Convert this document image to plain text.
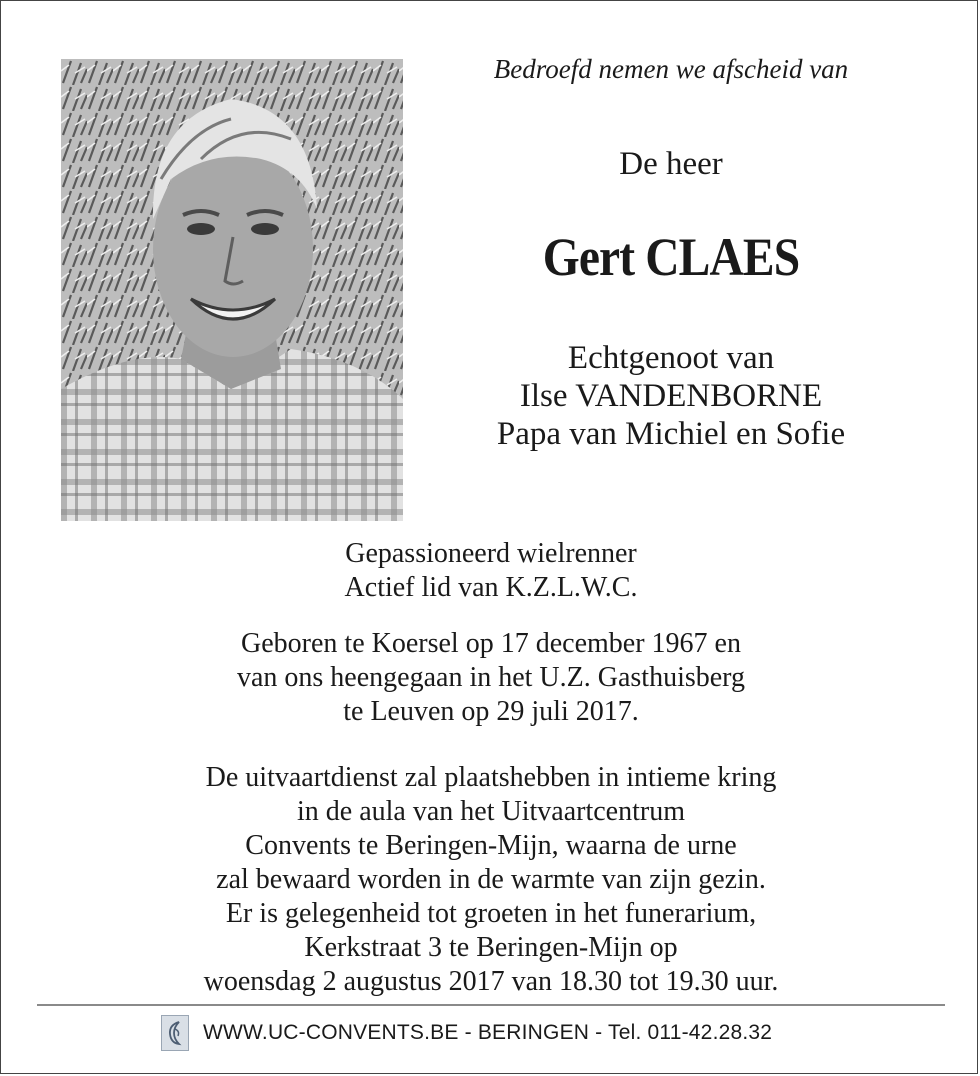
Bedroefd nemen we afscheid van
De heer
Gert CLAES
Echtgenoot van
Ilse VANDENBORNE
Papa van Michiel en Sofie
Gepassioneerd wielrenner
Actief lid van K.Z.L.W.C.
Geboren te Koersel op 17 december 1967 en
van ons heengegaan in het U.Z. Gasthuisberg
te Leuven op 29 juli 2017.
De uitvaartdienst zal plaatshebben in intieme kring
in de aula van het Uitvaartcentrum
Convents te Beringen-Mijn, waarna de urne
zal bewaard worden in de warmte van zijn gezin.
Er is gelegenheid tot groeten in het funerarium,
Kerkstraat 3 te Beringen-Mijn op
woensdag 2 augustus 2017 van 18.30 tot 19.30 uur.
WWW.UC-CONVENTS.BE - BERINGEN - Tel. 011-42.28.32
